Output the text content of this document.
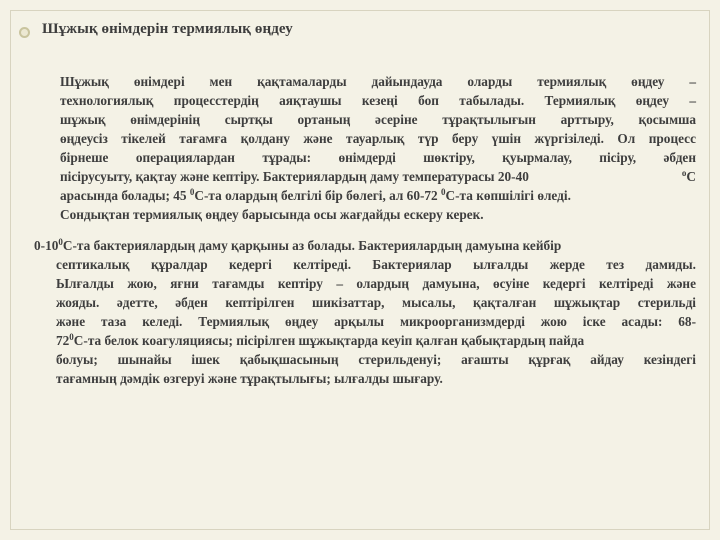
Шұжық өнімдерін термиялық өңдеу
Шұжық өнімдері мен қақтамаларды дайындауда оларды термиялық өңдеу –
технологиялық процесстердің аяқтаушы кезеңі боп табылады. Термиялық өңдеу –
шұжық өнімдерінің сыртқы ортаның әсеріне тұрақтылығын арттыру, қосымша
өңдеусіз тікелей тағамға қолдану және тауарлық түр беру үшін жүргізіледі. Ол процесс
бірнеше операциялардан тұрады: өнімдерді шөктіру, қуырмалау, пісіру, әбден
пісірусуыту, қақтау және кептіру. Бактериялардың даму температурасы 20-40	$^о$С
арасында болады; 45 $^0$С-та олардың белгілі бір бөлегі, ал 60-72 $^0$С-та көпшілігі өледі.
Сондықтан термиялық өңдеу барысында осы жағдайды ескеру керек.
$0-10^0С-та$ бактериялардың даму қарқыны аз болады. Бактериялардың дамуына кейбір
септикалық құралдар кедергі келтіреді. Бактериялар ылғалды жерде тез дамиды.
Ылғалды жою, яғни тағамды кептіру – олардың дамуына, өсуіне кедергі келтіреді және
жояды. әдетте, әбден кептірілген шикізаттар, мысалы, қақталған шұжықтар стерильді
және таза келеді. Термиялық өңдеу арқылы микроорганизмдерді жою іске асады: 68-
$72^0С-та$ белок коагуляциясы; пісірілген шұжықтарда кеуіп қалған қабықтардың пайда
болуы; шынайы ішек қабықшасының стерильденуі; ағашты құрғақ айдау кезіндегі
тағамның дәмдік өзгеруі және тұрақтылығы; ылғалды шығару.
